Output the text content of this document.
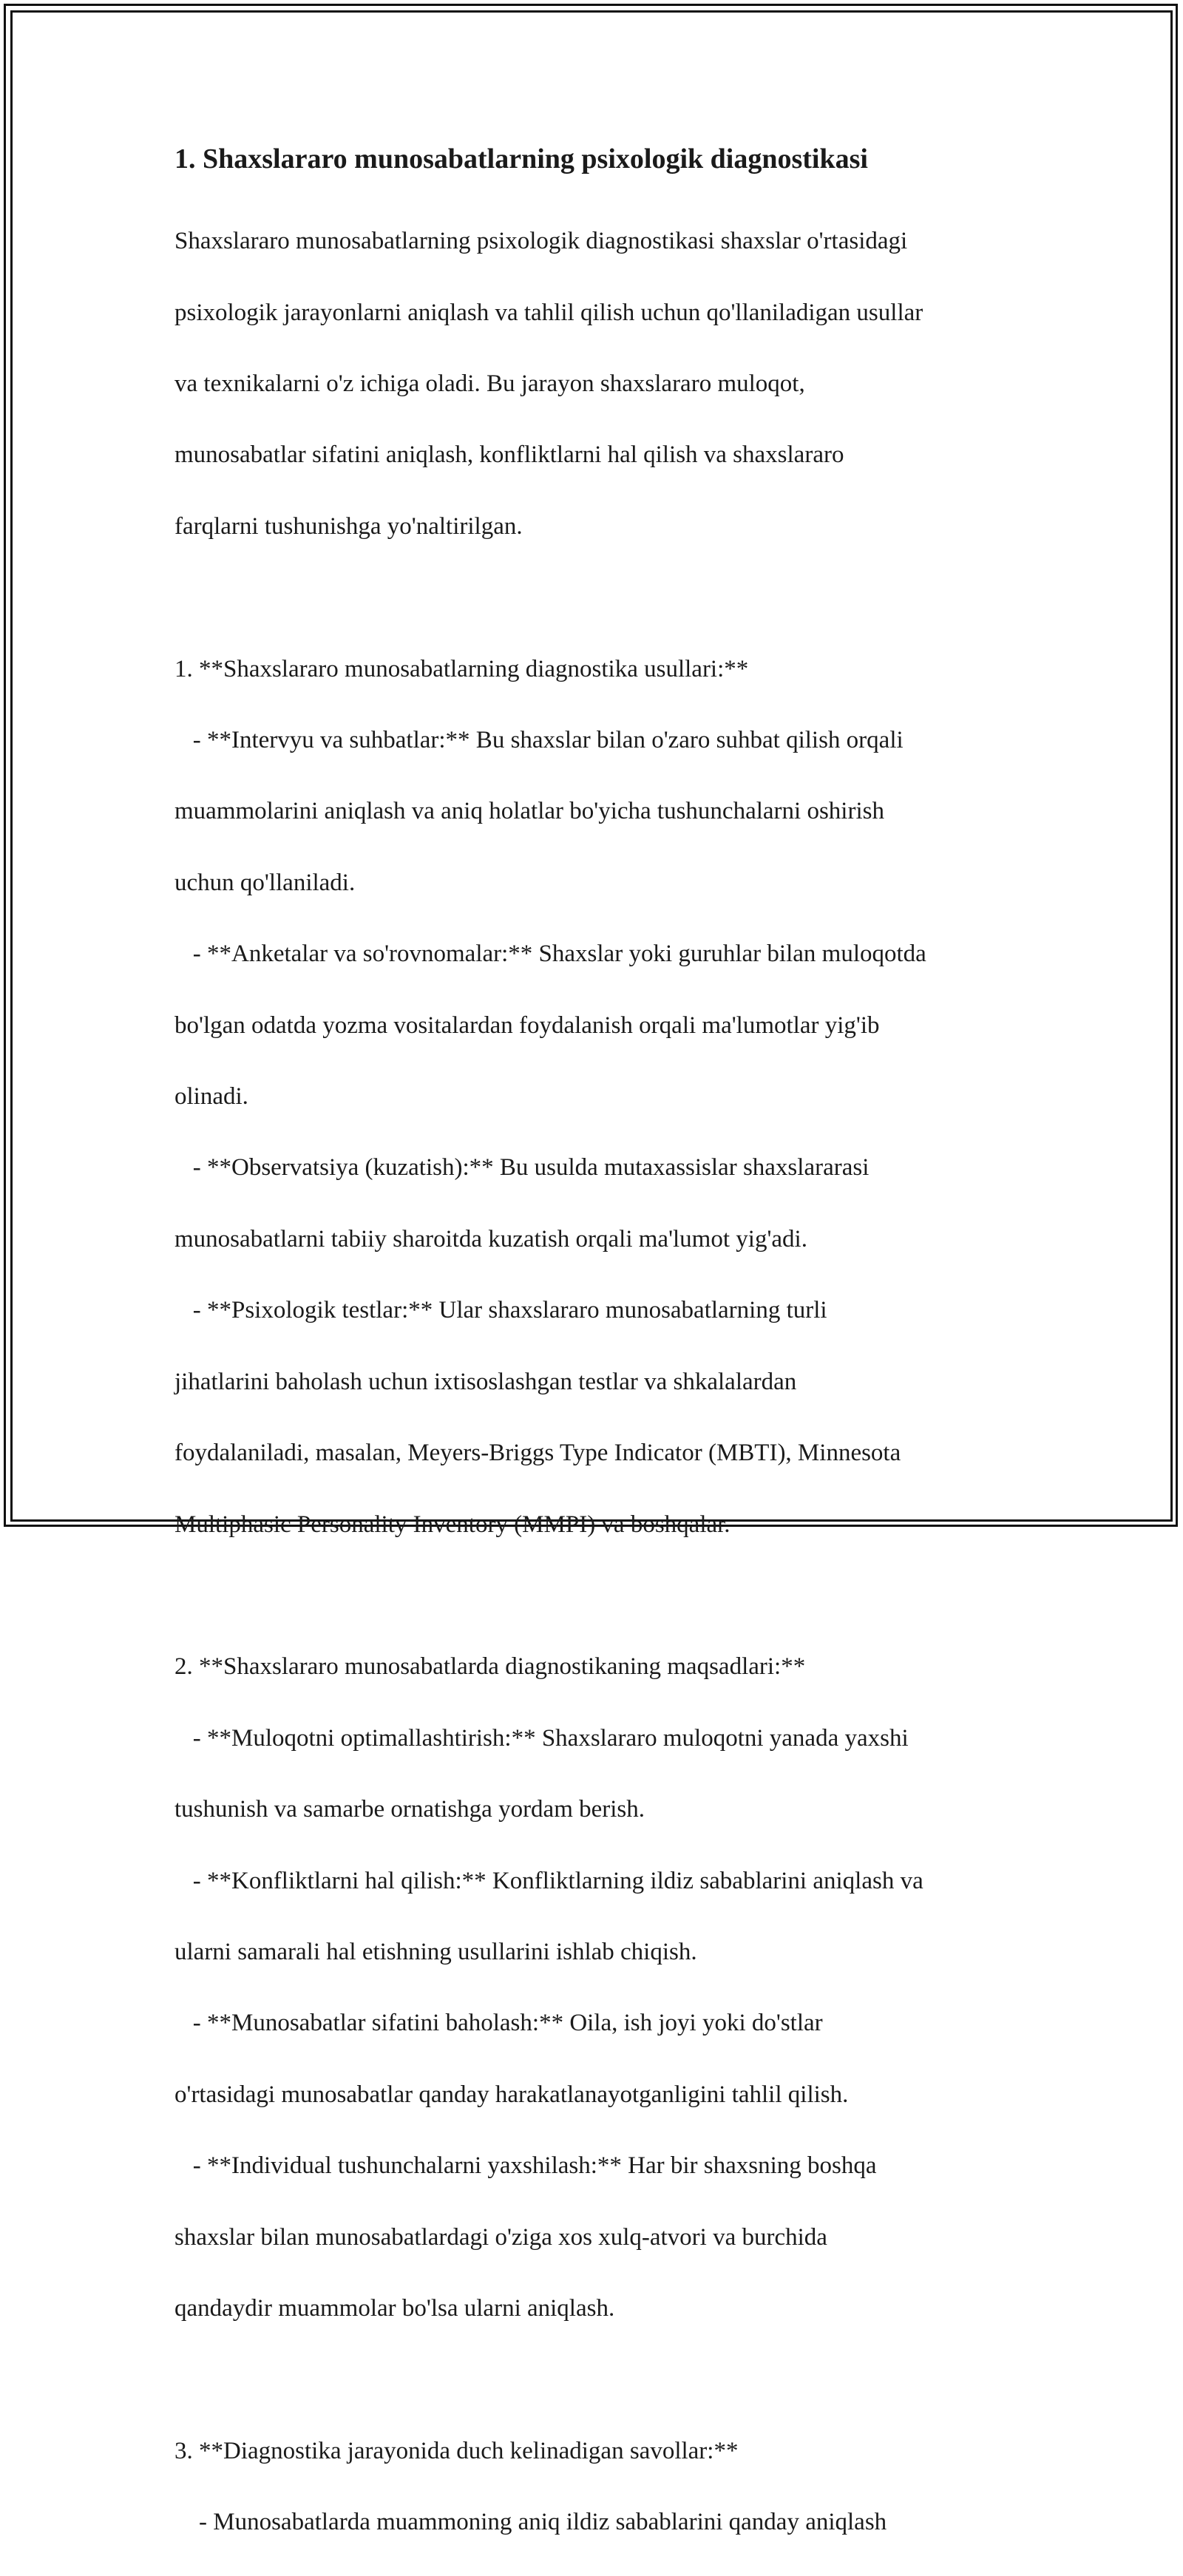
1. Shaxslararo munosabatlarning psixologik diagnostikasi

Shaxslararo munosabatlarning psixologik diagnostikasi shaxslar o'rtasidagi

psixologik jarayonlarni aniqlash va tahlil qilish uchun qo'llaniladigan usullar

va texnikalarni o'z ichiga oladi. Bu jarayon shaxslararo muloqot,

munosabatlar sifatini aniqlash, konfliktlarni hal qilish va shaxslararo

farqlarni tushunishga yo'naltirilgan.

1. **Shaxslararo munosabatlarning diagnostika usullari:**

- **Intervyu va suhbatlar:** Bu shaxslar bilan o'zaro suhbat qilish orqali

muammolarini aniqlash va aniq holatlar bo'yicha tushunchalarni oshirish

uchun qo'llaniladi.

- **Anketalar va so'rovnomalar:** Shaxslar yoki guruhlar bilan muloqotda

bo'lgan odatda yozma vositalardan foydalanish orqali ma'lumotlar yig'ib

olinadi.

- **Observatsiya (kuzatish):** Bu usulda mutaxassislar shaxslararasi

munosabatlarni tabiiy sharoitda kuzatish orqali ma'lumot yig'adi.

- **Psixologik testlar:** Ular shaxslararo munosabatlarning turli

jihatlarini baholash uchun ixtisoslashgan testlar va shkalalardan

foydalaniladi, masalan, Meyers-Briggs Type Indicator (MBTI), Minnesota

Multiphasic Personality Inventory (MMPI) va boshqalar.

2. **Shaxslararo munosabatlarda diagnostikaning maqsadlari:**

- **Muloqotni optimallashtirish:** Shaxslararo muloqotni yanada yaxshi

tushunish va samarbe ornatishga yordam berish.

- **Konfliktlarni hal qilish:** Konfliktlarning ildiz sabablarini aniqlash va

ularni samarali hal etishning usullarini ishlab chiqish.

- **Munosabatlar sifatini baholash:** Oila, ish joyi yoki do'stlar

o'rtasidagi munosabatlar qanday harakatlanayotganligini tahlil qilish.

- **Individual tushunchalarni yaxshilash:** Har bir shaxsning boshqa

shaxslar bilan munosabatlardagi o'ziga xos xulq-atvori va burchida

qandaydir muammolar bo'lsa ularni aniqlash.

3. **Diagnostika jarayonida duch kelinadigan savollar:**

- Munosabatlarda muammoning aniq ildiz sabablarini qanday aniqlash
